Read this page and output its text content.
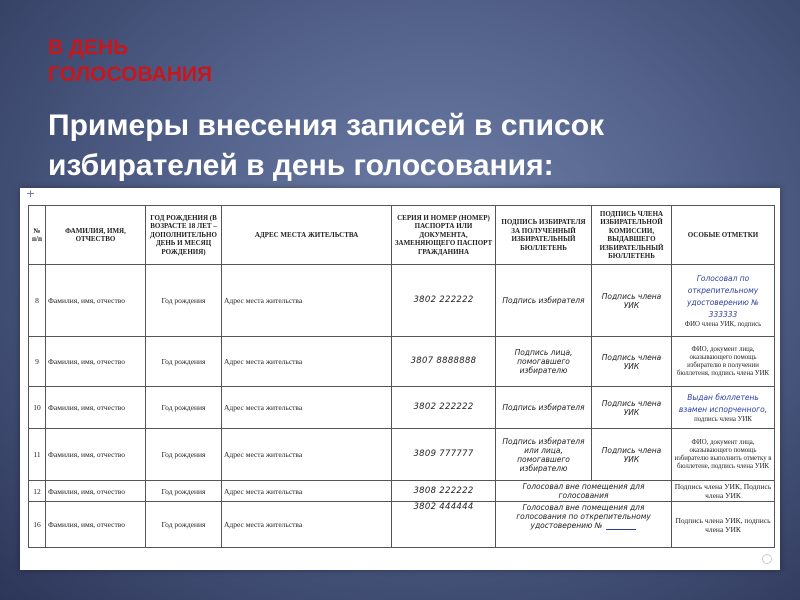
В ДЕНЬ
ГОЛОСОВАНИЯ
Примеры внесения записей в список
избирателей в день голосования:
+
№ п/п	ФАМИЛИЯ, ИМЯ, ОТЧЕСТВО	ГОД РОЖДЕНИЯ (В ВОЗРАСТЕ 18 ЛЕТ – ДОПОЛНИТЕЛЬНО ДЕНЬ И МЕСЯЦ РОЖДЕНИЯ)	АДРЕС МЕСТА ЖИТЕЛЬСТВА	СЕРИЯ И НОМЕР (НОМЕР) ПАСПОРТА ИЛИ ДОКУМЕНТА, ЗАМЕНЯЮЩЕГО ПАСПОРТ ГРАЖДАНИНА	ПОДПИСЬ ИЗБИРАТЕЛЯ ЗА ПОЛУЧЕННЫЙ ИЗБИРАТЕЛЬНЫЙ БЮЛЛЕТЕНЬ	ПОДПИСЬ ЧЛЕНА ИЗБИРАТЕЛЬНОЙ КОМИССИИ, ВЫДАВШЕГО ИЗБИРАТЕЛЬНЫЙ БЮЛЛЕТЕНЬ	ОСОБЫЕ ОТМЕТКИ
8	Фамилия, имя, отчество	Год рождения	Адрес места жительства	3802 222222	Подпись избирателя	Подпись члена УИК	Голосовал по открепительному удостоверению № 333333
ФИО члена УИК, подпись

9	Фамилия, имя, отчество	Год рождения	Адрес места жительства	3807 8888888	Подпись лица, помогавшего избирателю	Подпись члена УИК	ФИО, документ лица, оказывающего помощь избирателю в получении бюллетеня, подпись члена УИК

10	Фамилия, имя, отчество	Год рождения	Адрес места жительства	3802 222222	Подпись избирателя	Подпись члена УИК	Выдан бюллетень взамен испорченного,
подпись члена УИК

11	Фамилия, имя, отчество	Год рождения	Адрес места жительства	3809 777777	Подпись избирателя или лица, помогавшего избирателю	Подпись члена УИК	ФИО, документ лица, оказывающего помощь избирателю выполнить отметку в бюллетене, подпись члена УИК

12	Фамилия, имя, отчество	Год рождения	Адрес места жительства	3808 222222	Голосовал вне помещения для голосования		Подпись члена УИК, Подпись члена УИК
16	Фамилия, имя, отчество	Год рождения	Адрес места жительства	3802 444444	Голосовал вне помещения для голосования по открепительному удостоверению №		Подпись члена УИК, подпись члена УИК
